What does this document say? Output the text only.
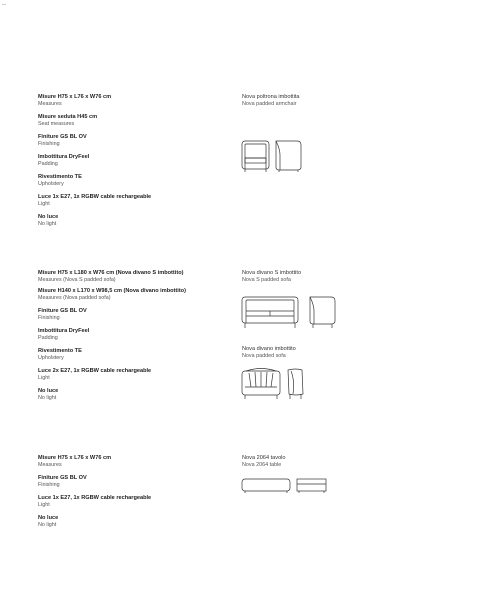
Misure H75 x L76 x W76 cm
Measures
Misure seduta H45 cm
Seat measures
Finiture GS BL OV
Finishing
Imbottitura DryFeel
Padding
Rivestimento TE
Upholstery
Luce 1x E27, 1x RGBW cable rechargeable
Light
No luce
No light
Nova poltrona imbottita
Nova padded armchair
Misure H75 x L180 x W76 cm (Nova divano S imbottito)
Measures (Nova S padded sofa)
Misure H140 x L170 x W98,5 cm (Nova divano imbottito)
Measures (Nova padded sofa)
Finiture GS BL OV
Finishing
Imbottitura DryFeel
Padding
Rivestimento TE
Upholstery
Luce 2x E27, 1x RGBW cable rechargeable
Light
No luce
No light
Nova divano S imbottito
Nova S padded sofa
Nova divano imbottito
Nova padded sofa
Misure H75 x L76 x W76 cm
Measures
Finiture GS BL OV
Finishing
Luce 1x E27, 1x RGBW cable rechargeable
Light
No luce
No light
Nova 2064 tavolo
Nova 2064 table
